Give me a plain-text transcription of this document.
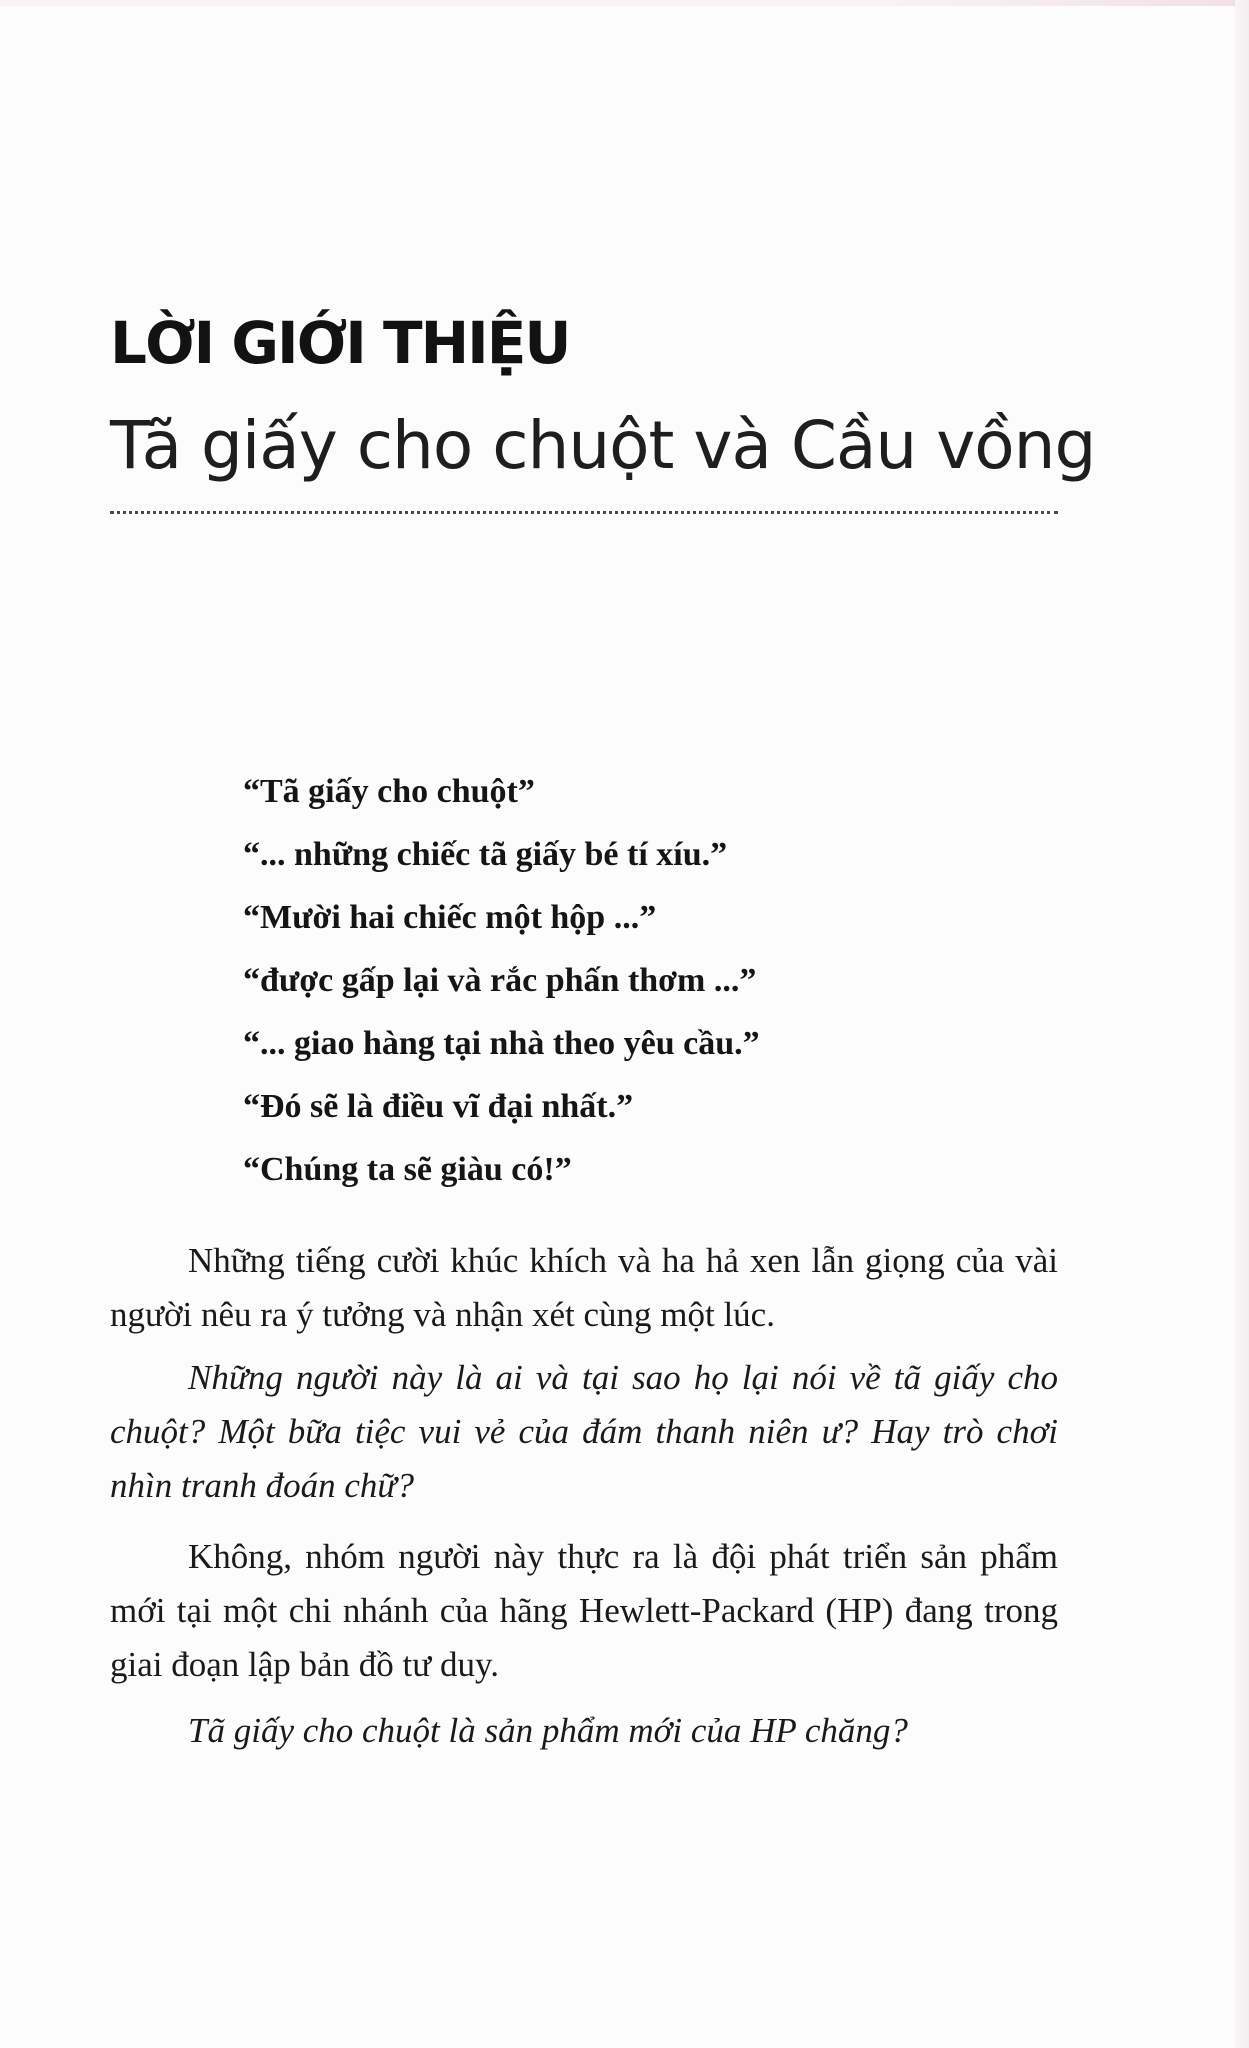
LỜI GIỚI THIỆU
Tã giấy cho chuột và Cầu vồng
“Tã giấy cho chuột”
“... những chiếc tã giấy bé tí xíu.”
“Mười hai chiếc một hộp ...”
“được gấp lại và rắc phấn thơm ...”
“... giao hàng tại nhà theo yêu cầu.”
“Đó sẽ là điều vĩ đại nhất.”
“Chúng ta sẽ giàu có!”

Những tiếng cười khúc khích và ha hả xen lẫn giọng của vài người nêu ra ý tưởng và nhận xét cùng một lúc.

Những người này là ai và tại sao họ lại nói về tã giấy cho chuột? Một bữa tiệc vui vẻ của đám thanh niên ư? Hay trò chơi nhìn tranh đoán chữ?

Không, nhóm người này thực ra là đội phát triển sản phẩm mới tại một chi nhánh của hãng Hewlett-Packard (HP) đang trong giai đoạn lập bản đồ tư duy.

Tã giấy cho chuột là sản phẩm mới của HP chăng?
